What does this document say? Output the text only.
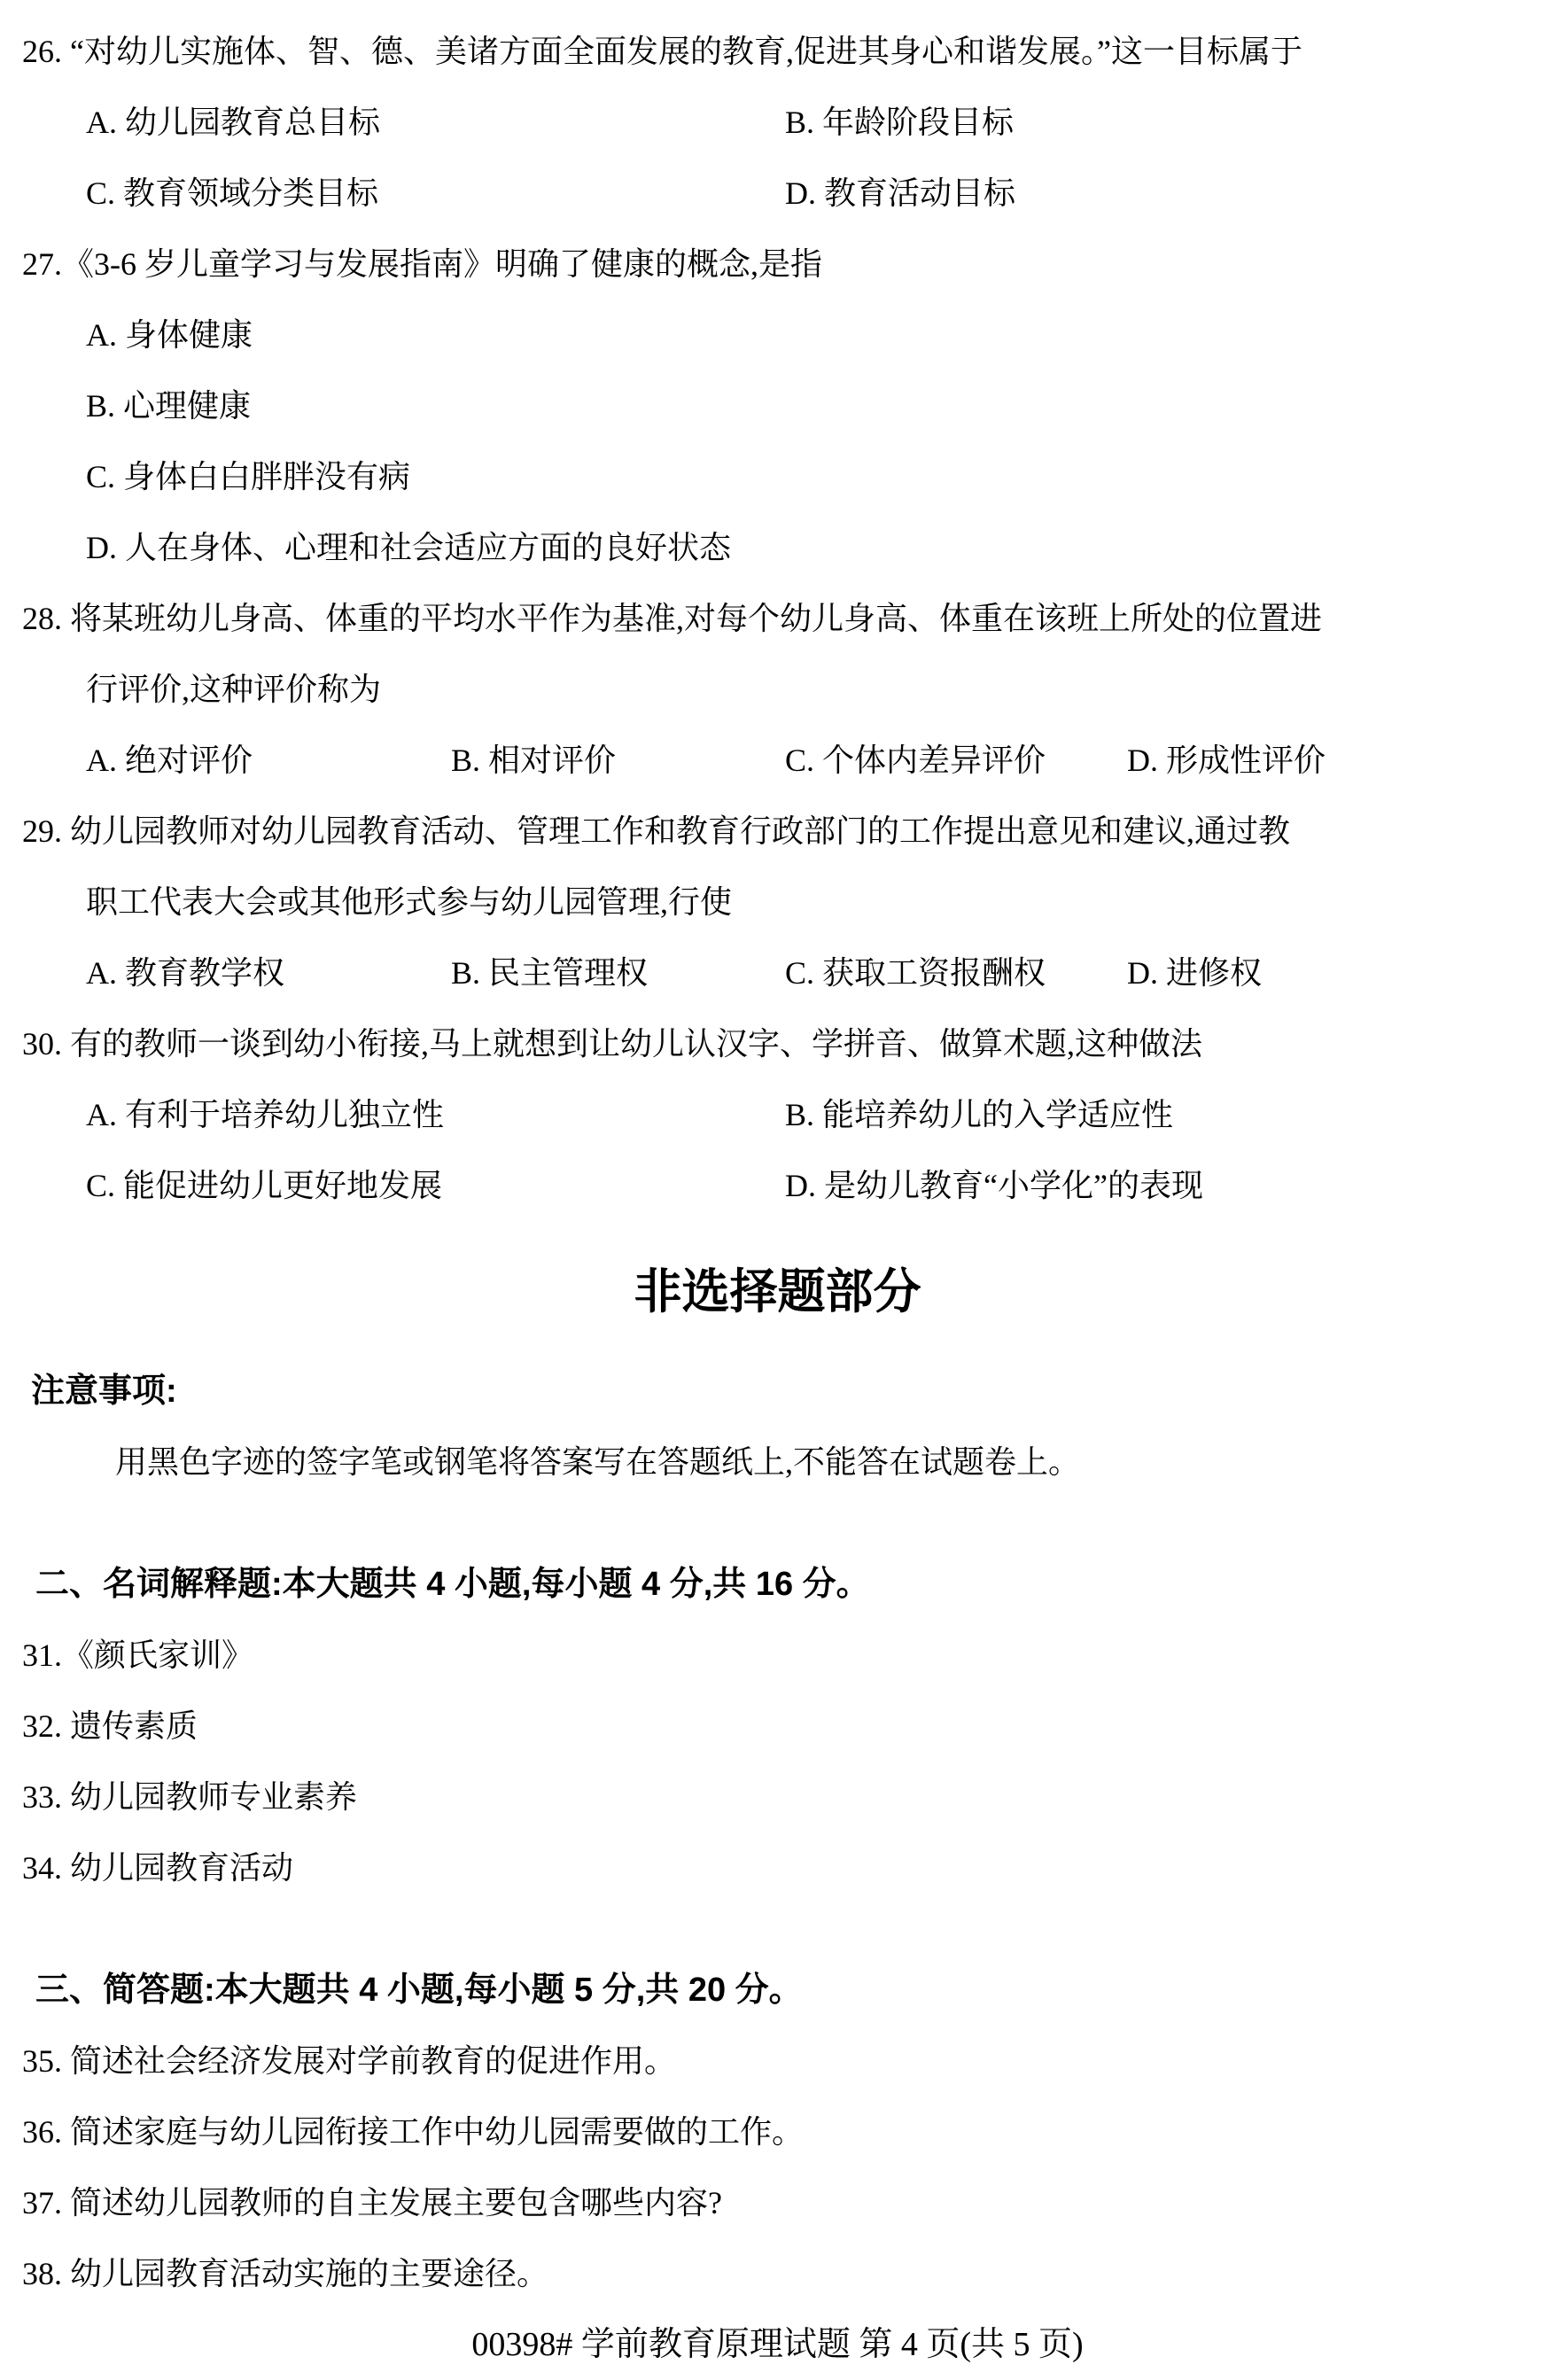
26. “对幼儿实施体、智、德、美诸方面全面发展的教育,促进其身心和谐发展。”这一目标属于
A. 幼儿园教育总目标	B. 年龄阶段目标
C. 教育领域分类目标	D. 教育活动目标
27.《3-6 岁儿童学习与发展指南》明确了健康的概念,是指
A. 身体健康
B. 心理健康
C. 身体白白胖胖没有病
D. 人在身体、心理和社会适应方面的良好状态
28. 将某班幼儿身高、体重的平均水平作为基准,对每个幼儿身高、体重在该班上所处的位置进
行评价,这种评价称为
A. 绝对评价	B. 相对评价	C. 个体内差异评价	D. 形成性评价
29. 幼儿园教师对幼儿园教育活动、管理工作和教育行政部门的工作提出意见和建议,通过教
职工代表大会或其他形式参与幼儿园管理,行使
A. 教育教学权	B. 民主管理权	C. 获取工资报酬权	D. 进修权
30. 有的教师一谈到幼小衔接,马上就想到让幼儿认汉字、学拼音、做算术题,这种做法
A. 有利于培养幼儿独立性	B. 能培养幼儿的入学适应性
C. 能促进幼儿更好地发展	D. 是幼儿教育“小学化”的表现
非选择题部分
注意事项:
用黑色字迹的签字笔或钢笔将答案写在答题纸上,不能答在试题卷上。
二、名词解释题:本大题共 4 小题,每小题 4 分,共 16 分。
31.《颜氏家训》
32. 遗传素质
33. 幼儿园教师专业素养
34. 幼儿园教育活动
三、简答题:本大题共 4 小题,每小题 5 分,共 20 分。
35. 简述社会经济发展对学前教育的促进作用。
36. 简述家庭与幼儿园衔接工作中幼儿园需要做的工作。
37. 简述幼儿园教师的自主发展主要包含哪些内容?
38. 幼儿园教育活动实施的主要途径。
00398# 学前教育原理试题 第 4 页(共 5 页)
